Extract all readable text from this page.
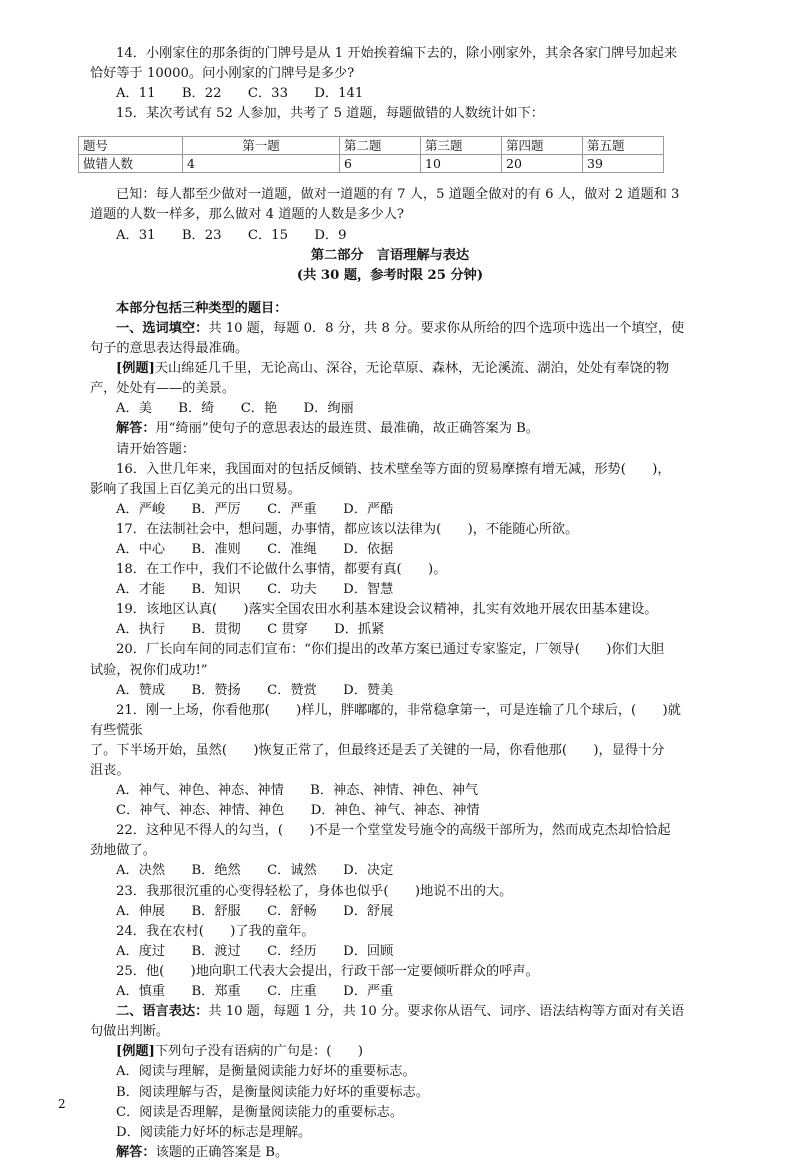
14．小刚家住的那条街的门牌号是从 1 开始挨着编下去的，除小刚家外，其余各家门牌号加起来

恰好等于 10000。问小刚家的门牌号是多少?

A．11　　B．22　　C．33　　D．141

15．某次考试有 52 人参加，共考了 5 道题，每题做错的人数统计如下：

题号	第一题	第二题	第三题	第四题	第五题
做错人数	4	6	10	20	39

已知：每人都至少做对一道题，做对一道题的有 7 人，5 道题全做对的有 6 人，做对 2 道题和 3

道题的人数一样多，那么做对 4 道题的人数是多少人?

A．31　　B．23　　C．15　　D．9

第二部分　言语理解与表达

(共 30 题，参考时限 25 分钟)

本部分包括三种类型的题目：

一、选词填空：共 10 题，每题 0．8 分，共 8 分。要求你从所给的四个选项中选出一个填空，使

句子的意思表达得最准确。

[例题]天山绵延几千里，无论高山、深谷，无论草原、森林，无论溪流、湖泊，处处有奉饶的物

产，处处有——的美景。

A．美　　B．绮　　C．艳　　D．绚丽

解答：用“绮丽”使句子的意思表达的最连贯、最准确，故正确答案为 B。

请开始答题：

16．入世几年来，我国面对的包括反倾销、技术壁垒等方面的贸易摩擦有增无减，形势(　　)，

影响了我国上百亿美元的出口贸易。

A．严峻　　B．严厉　　C．严重　　D．严酷

17．在法制社会中，想问题，办事情，都应该以法律为(　　)，不能随心所欲。

A．中心　　B．准则　　C．准绳　　D．依据

18．在工作中，我们不论做什么事情，都要有真(　　)。

A．才能　　B．知识　　C．功夫　　D．智慧

19．该地区认真(　　)落实全国农田水利基本建设会议精神，扎实有效地开展农田基本建设。

A．执行　　B．贯彻　　C 贯穿　　D．抓紧

20．厂长向车间的同志们宣布：“你们提出的改革方案已通过专家鉴定，厂领导(　　)你们大胆

试验，祝你们成功!”

A．赞成　　B．赞扬　　C．赞赏　　D．赞美

21．刚一上场，你看他那(　　)样儿，胖嘟嘟的，非常稳拿第一，可是连输了几个球后，(　　)就有些慌张

了。下半场开始，虽然(　　)恢复正常了，但最终还是丢了关键的一局，你看他那(　　)，显得十分

沮丧。

A．神气、神色、神态、神情　　B．神态、神情、神色、神气

C．神气、神态、神情、神色　　D．神色、神气、神态、神情

22．这种见不得人的勾当，(　　)不是一个堂堂发号施令的高级干部所为，然而成克杰却恰恰起

劲地做了。

A．决然　　B．绝然　　C．诚然　　D．决定

23．我那很沉重的心变得轻松了，身体也似乎(　　)地说不出的大。

A．伸展　　B．舒服　　C．舒畅　　D．舒展

24．我在农村(　　)了我的童年。

A．度过　　B．渡过　　C．经历　　D．回顾

25．他(　　)地向职工代表大会提出，行政干部一定要倾听群众的呼声。

A．慎重　　B．郑重　　C．庄重　　D．严重

二、语言表达：共 10 题，每题 1 分，共 10 分。要求你从语气、词序、语法结构等方面对有关语

句做出判断。

[例题]下列句子没有语病的广句是：(　　)

A．阅读与理解，是衡量阅读能力好坏的重要标志。

B．阅读理解与否，是衡量阅读能力好坏的重要标志。

C．阅读是否理解，是衡量阅读能力的重要标志。

D．阅读能力好坏的标志是理解。

解答：该题的正确答案是 B。

2
